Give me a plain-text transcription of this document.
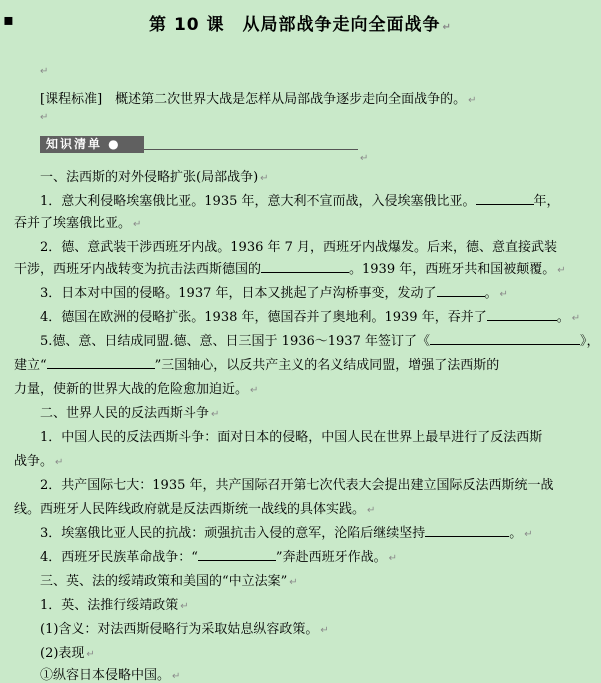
▪	第 10 课　从局部战争走向全面战争 ↵
↵
[课程标准]　概述第二次世界大战是怎样从局部战争逐步走向全面战争的。 ↵
↵
知识清单 ●
↵
一、法西斯的对外侵略扩张(局部战争) ↵
1．意大利侵略埃塞俄比亚。1935 年，意大利不宣而战，入侵埃塞俄比亚。	年，
吞并了埃塞俄比亚。 ↵
2．德、意武装干涉西班牙内战。1936 年 7 月，西班牙内战爆发。后来，德、意直接武装
干涉，西班牙内战转变为抗击法西斯德国的	。1939 年，西班牙共和国被颠覆。 ↵
3．日本对中国的侵略。1937 年，日本又挑起了卢沟桥事变，发动了	。 ↵
4．德国在欧洲的侵略扩张。1938 年，德国吞并了奥地利。1939 年，吞并了	。 ↵
5.德、意、日结成同盟.德、意、日三国于 1936～1937 年签订了《	》，
建立“	”三国轴心，以反共产主义的名义结成同盟，增强了法西斯的
力量，使新的世界大战的危险愈加迫近。 ↵
二、世界人民的反法西斯斗争 ↵
1．中国人民的反法西斯斗争：面对日本的侵略，中国人民在世界上最早进行了反法西斯
战争。 ↵
2．共产国际七大：1935 年，共产国际召开第七次代表大会提出建立国际反法西斯统一战
线。西班牙人民阵线政府就是反法西斯统一战线的具体实践。 ↵
3．埃塞俄比亚人民的抗战：顽强抗击入侵的意军，沦陷后继续坚持	。 ↵
4．西班牙民族革命战争：“	”奔赴西班牙作战。 ↵
三、英、法的绥靖政策和美国的“中立法案” ↵
1．英、法推行绥靖政策 ↵
(1)含义：对法西斯侵略行为采取姑息纵容政策。 ↵
(2)表现 ↵
①纵容日本侵略中国。 ↵
